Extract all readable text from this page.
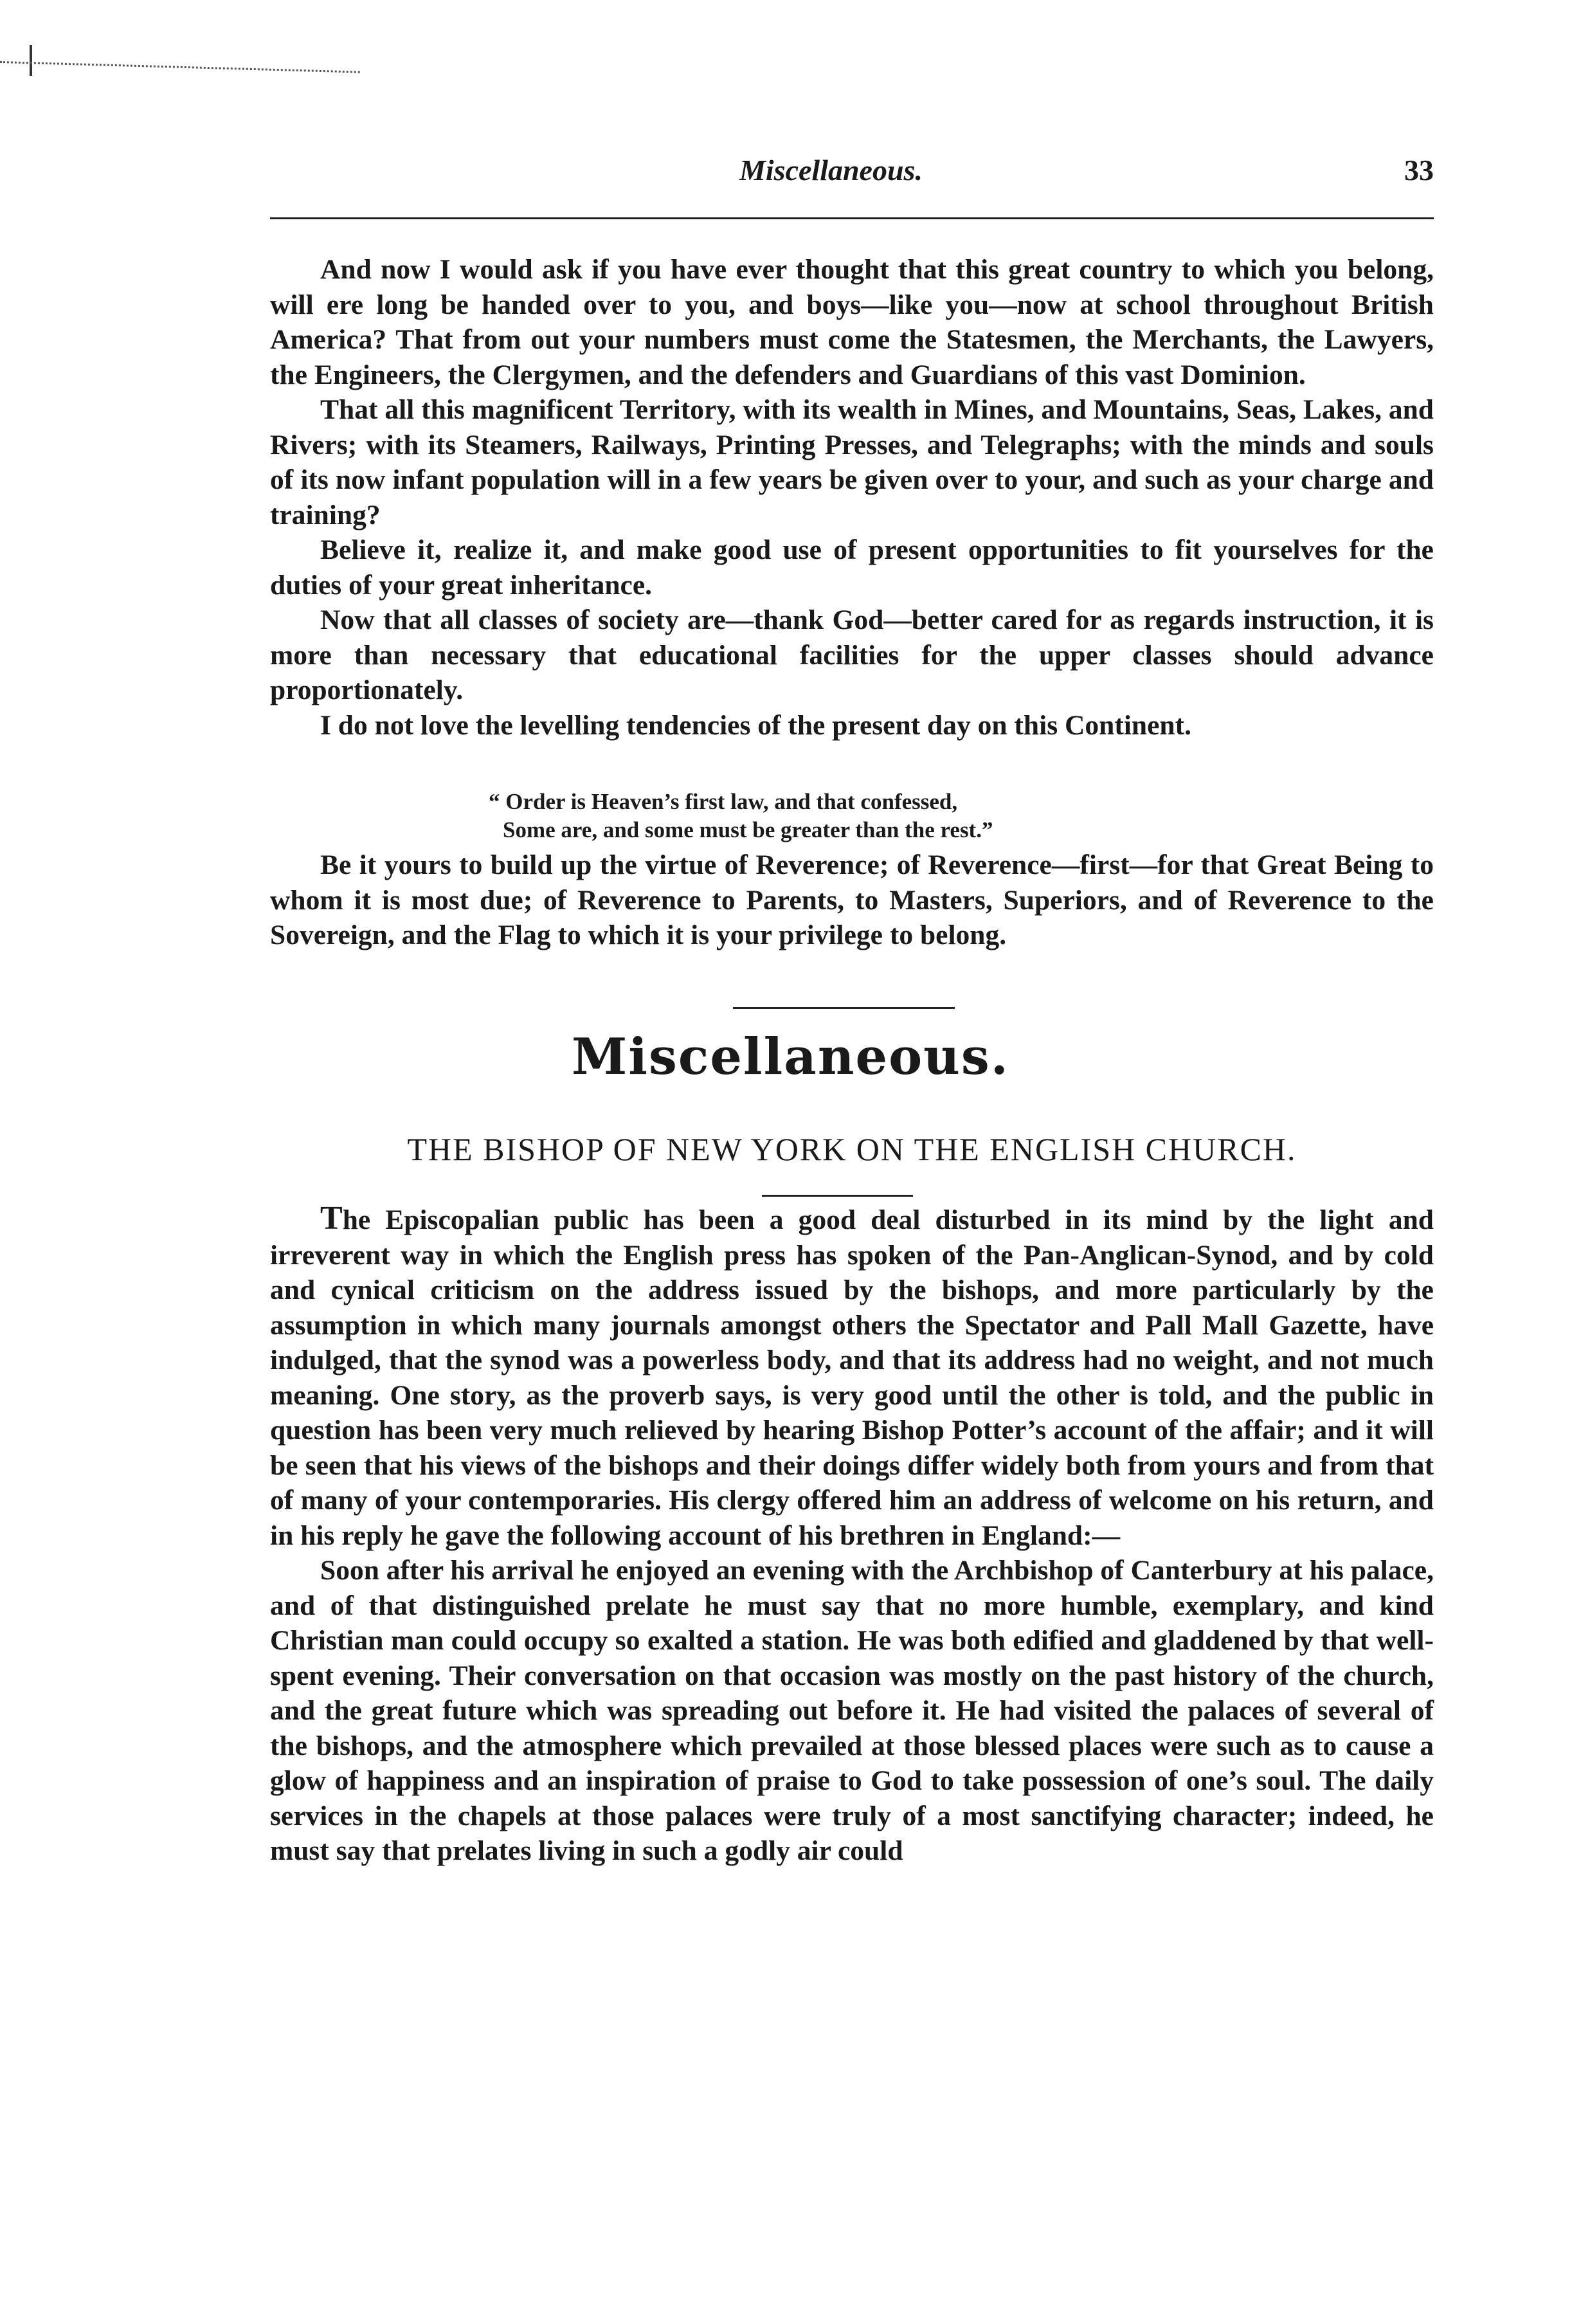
Miscellaneous.	33

And now I would ask if you have ever thought that this great country to which you belong, will ere long be handed over to you, and boys—like you—now at school throughout British America? That from out your numbers must come the Statesmen, the Merchants, the Lawyers, the Engineers, the Clergymen, and the defenders and Guardians of this vast Dominion.

That all this magnificent Territory, with its wealth in Mines, and Mountains, Seas, Lakes, and Rivers; with its Steamers, Railways, Printing Presses, and Telegraphs; with the minds and souls of its now infant population will in a few years be given over to your, and such as your charge and training?

Believe it, realize it, and make good use of present opportunities to fit yourselves for the duties of your great inheritance.

Now that all classes of society are—thank God—better cared for as regards instruction, it is more than necessary that educational facilities for the upper classes should advance proportionately.

I do not love the levelling tendencies of the present day on this Continent.

“ Order is Heaven’s first law, and that confessed,
Some are, and some must be greater than the rest.”

Be it yours to build up the virtue of Reverence; of Reverence—first—for that Great Being to whom it is most due; of Reverence to Parents, to Masters, Superiors, and of Reverence to the Sovereign, and the Flag to which it is your privilege to belong.

Miscellaneous.
THE BISHOP OF NEW YORK ON THE ENGLISH CHURCH.

The Episcopalian public has been a good deal disturbed in its mind by the light and irreverent way in which the English press has spoken of the Pan-Anglican-Synod, and by cold and cynical criticism on the address issued by the bishops, and more particularly by the assumption in which many journals amongst others the Spectator and Pall Mall Gazette, have indulged, that the synod was a powerless body, and that its address had no weight, and not much meaning. One story, as the proverb says, is very good until the other is told, and the public in question has been very much relieved by hearing Bishop Potter’s account of the affair; and it will be seen that his views of the bishops and their doings differ widely both from yours and from that of many of your contemporaries. His clergy offered him an address of welcome on his return, and in his reply he gave the following account of his brethren in England:—

Soon after his arrival he enjoyed an evening with the Archbishop of Canterbury at his palace, and of that distinguished prelate he must say that no more humble, exemplary, and kind Christian man could occupy so exalted a station. He was both edified and gladdened by that well-spent evening. Their conversation on that occasion was mostly on the past history of the church, and the great future which was spreading out before it. He had visited the palaces of several of the bishops, and the atmosphere which prevailed at those blessed places were such as to cause a glow of happiness and an inspiration of praise to God to take possession of one’s soul. The daily services in the chapels at those palaces were truly of a most sanctifying character; indeed, he must say that prelates living in such a godly air could
